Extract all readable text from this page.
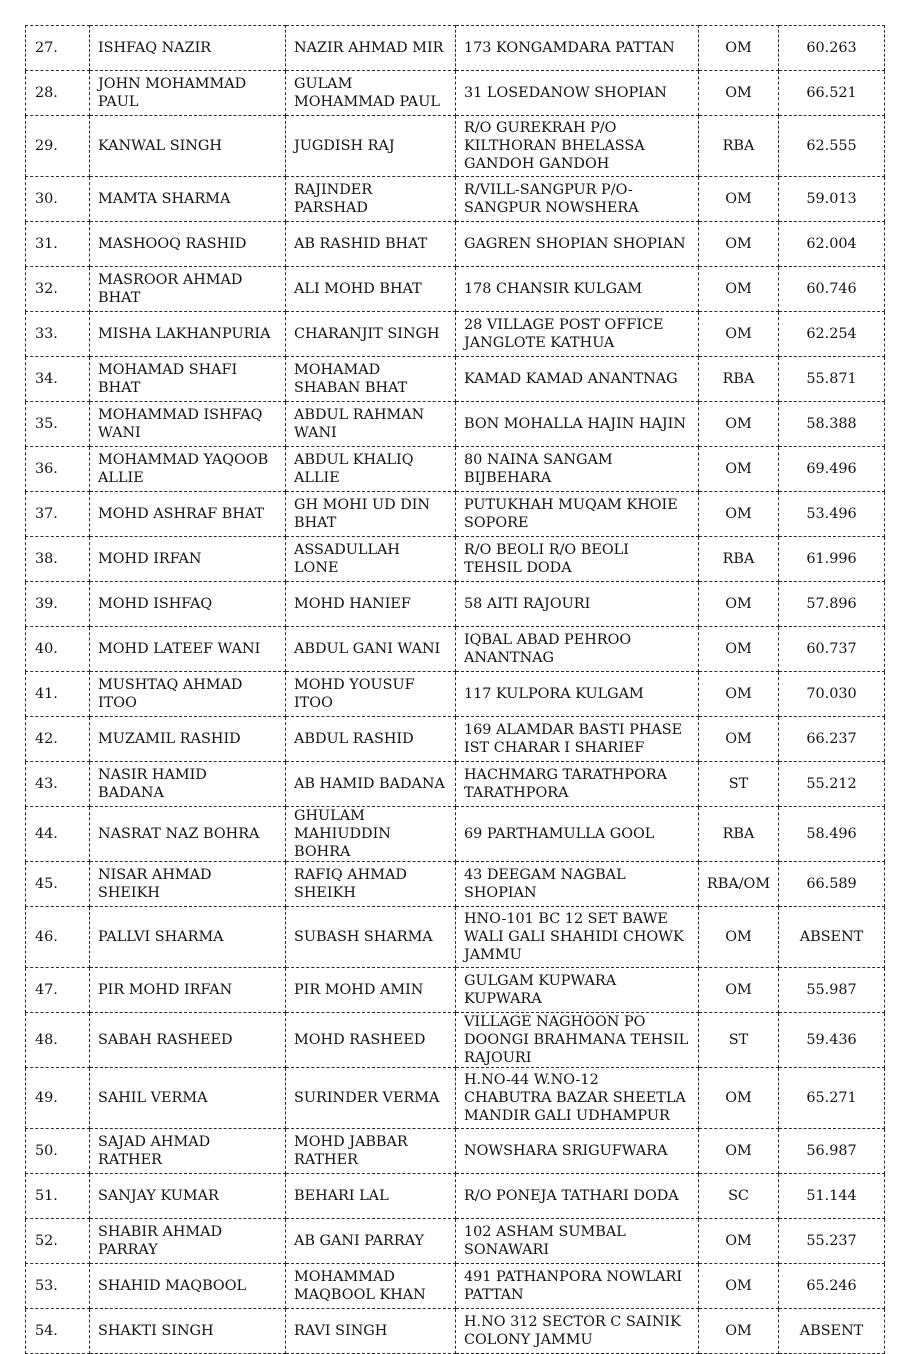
27.	ISHFAQ NAZIR	NAZIR AHMAD MIR	173 KONGAMDARA PATTAN	OM	60.263
28.	JOHN MOHAMMAD PAUL	GULAM MOHAMMAD PAUL	31 LOSEDANOW SHOPIAN	OM	66.521
29.	KANWAL SINGH	JUGDISH RAJ	R/O GUREKRAH P/O KILTHORAN BHELASSA GANDOH GANDOH	RBA	62.555
30.	MAMTA SHARMA	RAJINDER PARSHAD	R/VILL-SANGPUR P/O-SANGPUR NOWSHERA	OM	59.013
31.	MASHOOQ RASHID	AB RASHID BHAT	GAGREN SHOPIAN SHOPIAN	OM	62.004
32.	MASROOR AHMAD BHAT	ALI MOHD BHAT	178 CHANSIR KULGAM	OM	60.746
33.	MISHA LAKHANPURIA	CHARANJIT SINGH	28 VILLAGE POST OFFICE JANGLOTE KATHUA	OM	62.254
34.	MOHAMAD SHAFI BHAT	MOHAMAD SHABAN BHAT	KAMAD KAMAD ANANTNAG	RBA	55.871
35.	MOHAMMAD ISHFAQ WANI	ABDUL RAHMAN WANI	BON MOHALLA HAJIN HAJIN	OM	58.388
36.	MOHAMMAD YAQOOB ALLIE	ABDUL KHALIQ ALLIE	80 NAINA SANGAM BIJBEHARA	OM	69.496
37.	MOHD ASHRAF BHAT	GH MOHI UD DIN BHAT	PUTUKHAH MUQAM KHOIE SOPORE	OM	53.496
38.	MOHD IRFAN	ASSADULLAH LONE	R/O BEOLI R/O BEOLI TEHSIL DODA	RBA	61.996
39.	MOHD ISHFAQ	MOHD HANIEF	58 AITI RAJOURI	OM	57.896
40.	MOHD LATEEF WANI	ABDUL GANI WANI	IQBAL ABAD PEHROO ANANTNAG	OM	60.737
41.	MUSHTAQ AHMAD ITOO	MOHD YOUSUF ITOO	117 KULPORA KULGAM	OM	70.030
42.	MUZAMIL RASHID	ABDUL RASHID	169 ALAMDAR BASTI PHASE IST CHARAR I SHARIEF	OM	66.237
43.	NASIR HAMID BADANA	AB HAMID BADANA	HACHMARG TARATHPORA TARATHPORA	ST	55.212
44.	NASRAT NAZ BOHRA	GHULAM MAHIUDDIN BOHRA	69 PARTHAMULLA GOOL	RBA	58.496
45.	NISAR AHMAD SHEIKH	RAFIQ AHMAD SHEIKH	43 DEEGAM NAGBAL SHOPIAN	RBA/OM	66.589
46.	PALLVI SHARMA	SUBASH SHARMA	HNO-101 BC 12 SET BAWE WALI GALI SHAHIDI CHOWK JAMMU	OM	ABSENT
47.	PIR MOHD IRFAN	PIR MOHD AMIN	GULGAM KUPWARA KUPWARA	OM	55.987
48.	SABAH RASHEED	MOHD RASHEED	VILLAGE NAGHOON PO DOONGI BRAHMANA TEHSIL RAJOURI	ST	59.436
49.	SAHIL VERMA	SURINDER VERMA	H.NO-44 W.NO-12 CHABUTRA BAZAR SHEETLA MANDIR GALI UDHAMPUR	OM	65.271
50.	SAJAD AHMAD RATHER	MOHD JABBAR RATHER	NOWSHARA SRIGUFWARA	OM	56.987
51.	SANJAY KUMAR	BEHARI LAL	R/O PONEJA TATHARI DODA	SC	51.144
52.	SHABIR AHMAD PARRAY	AB GANI PARRAY	102 ASHAM SUMBAL SONAWARI	OM	55.237
53.	SHAHID MAQBOOL	MOHAMMAD MAQBOOL KHAN	491 PATHANPORA NOWLARI PATTAN	OM	65.246
54.	SHAKTI SINGH	RAVI SINGH	H.NO 312 SECTOR C SAINIK COLONY JAMMU	OM	ABSENT
